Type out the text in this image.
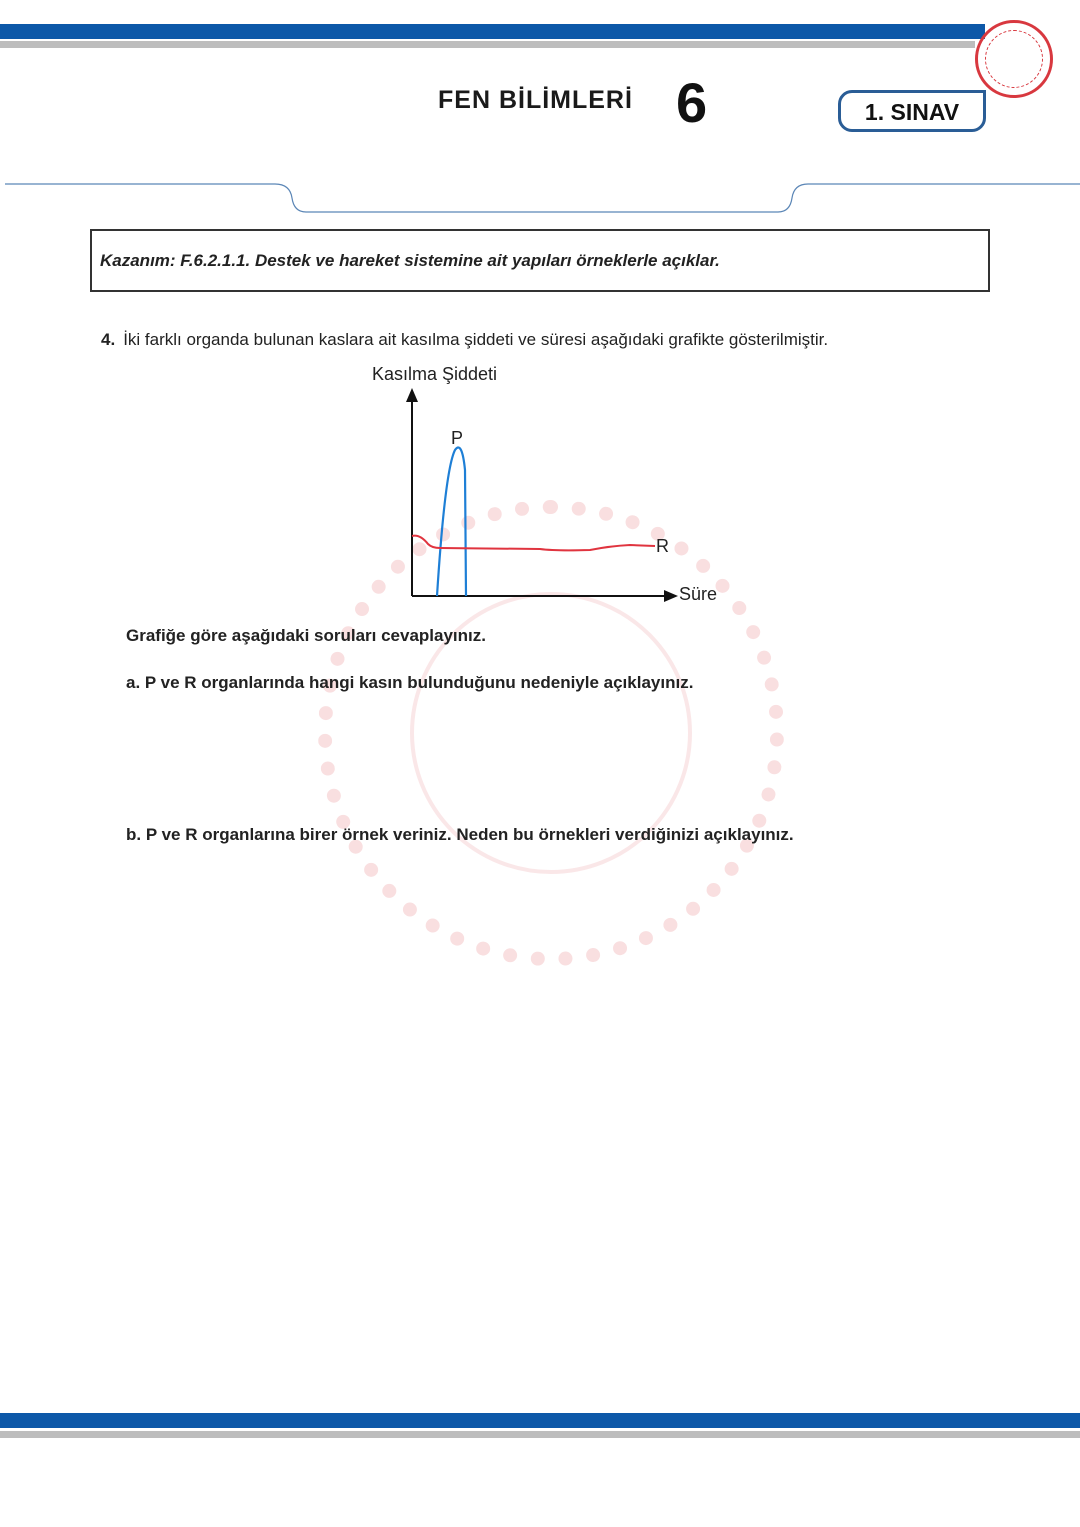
FEN BİLİMLERİ 6	1. SINAV
Kazanım: F.6.2.1.1. Destek ve hareket sistemine ait yapıları örneklerle açıklar.
4. İki farklı organda bulunan kaslara ait kasılma şiddeti ve süresi aşağıdaki grafikte gösterilmiştir.
Kasılma Şiddeti
P
R
Süre
Grafiğe göre aşağıdaki soruları cevaplayınız.
a. P ve R organlarında hangi kasın bulunduğunu nedeniyle açıklayınız.
b. P ve R organlarına birer örnek veriniz. Neden bu örnekleri verdiğinizi açıklayınız.
